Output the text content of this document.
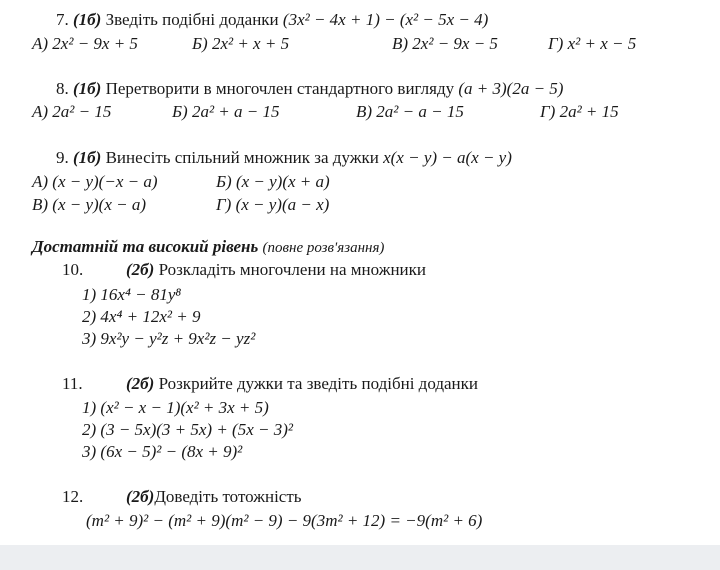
7. (1б) Зведіть подібні доданки (3x² − 4x + 1) − (x² − 5x − 4)
А) 2x² − 9x + 5	Б) 2x² + x + 5	В) 2x² − 9x − 5	Г) x² + x − 5
8. (1б) Перетворити в многочлен стандартного вигляду (a + 3)(2a − 5)
А) 2a² − 15	Б) 2a² + a − 15	В) 2a² − a − 15	Г) 2a² + 15
9. (1б) Винесіть спільний множник за дужки x(x − y) − a(x − y)
А) (x − y)(−x − a)	Б) (x − y)(x + a)
В) (x − y)(x − a)	Г) (x − y)(a − x)
Достатній та високий рівень (повне розв'язання)
10.	(2б) Розкладіть многочлени на множники
1) 16x⁴ − 81y⁸
2) 4x⁴ + 12x² + 9
3) 9x²y − y²z + 9x²z − yz²
11.	(2б) Розкрийте дужки та зведіть подібні доданки
1) (x² − x − 1)(x² + 3x + 5)
2) (3 − 5x)(3 + 5x) + (5x − 3)²
3) (6x − 5)² − (8x + 9)²
12.	(2б)Доведіть тотожність
(m² + 9)² − (m² + 9)(m² − 9) − 9(3m² + 12) = −9(m² + 6)
